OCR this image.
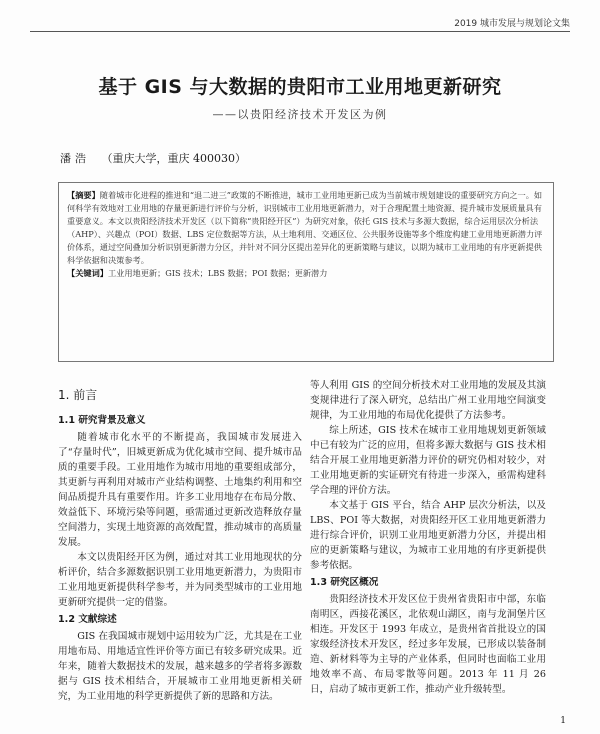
2019 城市发展与规划论文集
基于 GIS 与大数据的贵阳市工业用地更新研究
——以贵阳经济技术开发区为例
潘浩 （重庆大学，重庆 400030）
【摘要】随着城市化进程的推进和“退二进三”政策的不断推进，城市工业用地更新已成为当前城市规划建设的重要研究方向之一。如何科学有效地对工业用地的存量更新进行评价与分析，识别城市工业用地更新潜力，对于合理配置土地资源、提升城市发展质量具有重要意义。本文以贵阳经济技术开发区（以下简称“贵阳经开区”）为研究对象，依托 GIS 技术与多源大数据，综合运用层次分析法（AHP）、兴趣点（POI）数据、LBS 定位数据等方法，从土地利用、交通区位、公共服务设施等多个维度构建工业用地更新潜力评价体系，通过空间叠加分析识别更新潜力分区，并针对不同分区提出差异化的更新策略与建议，以期为城市工业用地的有序更新提供科学依据和决策参考。
【关键词】工业用地更新；GIS 技术；LBS 数据；POI 数据；更新潜力
1. 前言
1.1 研究背景及意义

随着城市化水平的不断提高，我国城市发展进入了“存量时代”，旧城更新成为优化城市空间、提升城市品质的重要手段。工业用地作为城市用地的重要组成部分，其更新与再利用对城市产业结构调整、土地集约利用和空间品质提升具有重要作用。许多工业用地存在布局分散、效益低下、环境污染等问题，亟需通过更新改造释放存量空间潜力，实现土地资源的高效配置，推动城市的高质量发展。

本文以贵阳经开区为例，通过对其工业用地现状的分析评价，结合多源数据识别工业用地更新潜力，为贵阳市工业用地更新提供科学参考，并为同类型城市的工业用地更新研究提供一定的借鉴。

1.2 文献综述

GIS 在我国城市规划中运用较为广泛，尤其是在工业用地布局、用地适宜性评价等方面已有较多研究成果。近年来，随着大数据技术的发展，越来越多的学者将多源数据与 GIS 技术相结合，开展城市工业用地更新相关研究，为工业用地的科学更新提供了新的思路和方法。

等人利用 GIS 的空间分析技术对工业用地的发展及其演变规律进行了深入研究，总结出广州工业用地空间演变规律，为工业用地的布局优化提供了方法参考。

综上所述，GIS 技术在城市工业用地规划更新领域中已有较为广泛的应用，但将多源大数据与 GIS 技术相结合开展工业用地更新潜力评价的研究仍相对较少，对工业用地更新的实证研究有待进一步深入，亟需构建科学合理的评价方法。

本文基于 GIS 平台，结合 AHP 层次分析法，以及 LBS、POI 等大数据，对贵阳经开区工业用地更新潜力进行综合评价，识别工业用地更新潜力分区，并提出相应的更新策略与建议，为城市工业用地的有序更新提供参考依据。

1.3 研究区概况

贵阳经济技术开发区位于贵州省贵阳市中部，东临南明区，西接花溪区，北依观山湖区，南与龙洞堡片区相连。开发区于 1993 年成立，是贵州省首批设立的国家级经济技术开发区，经过多年发展，已形成以装备制造、新材料等为主导的产业体系，但同时也面临工业用地效率不高、布局零散等问题。2013 年 11 月 26 日，启动了城市更新工作，推动产业升级转型。

1
